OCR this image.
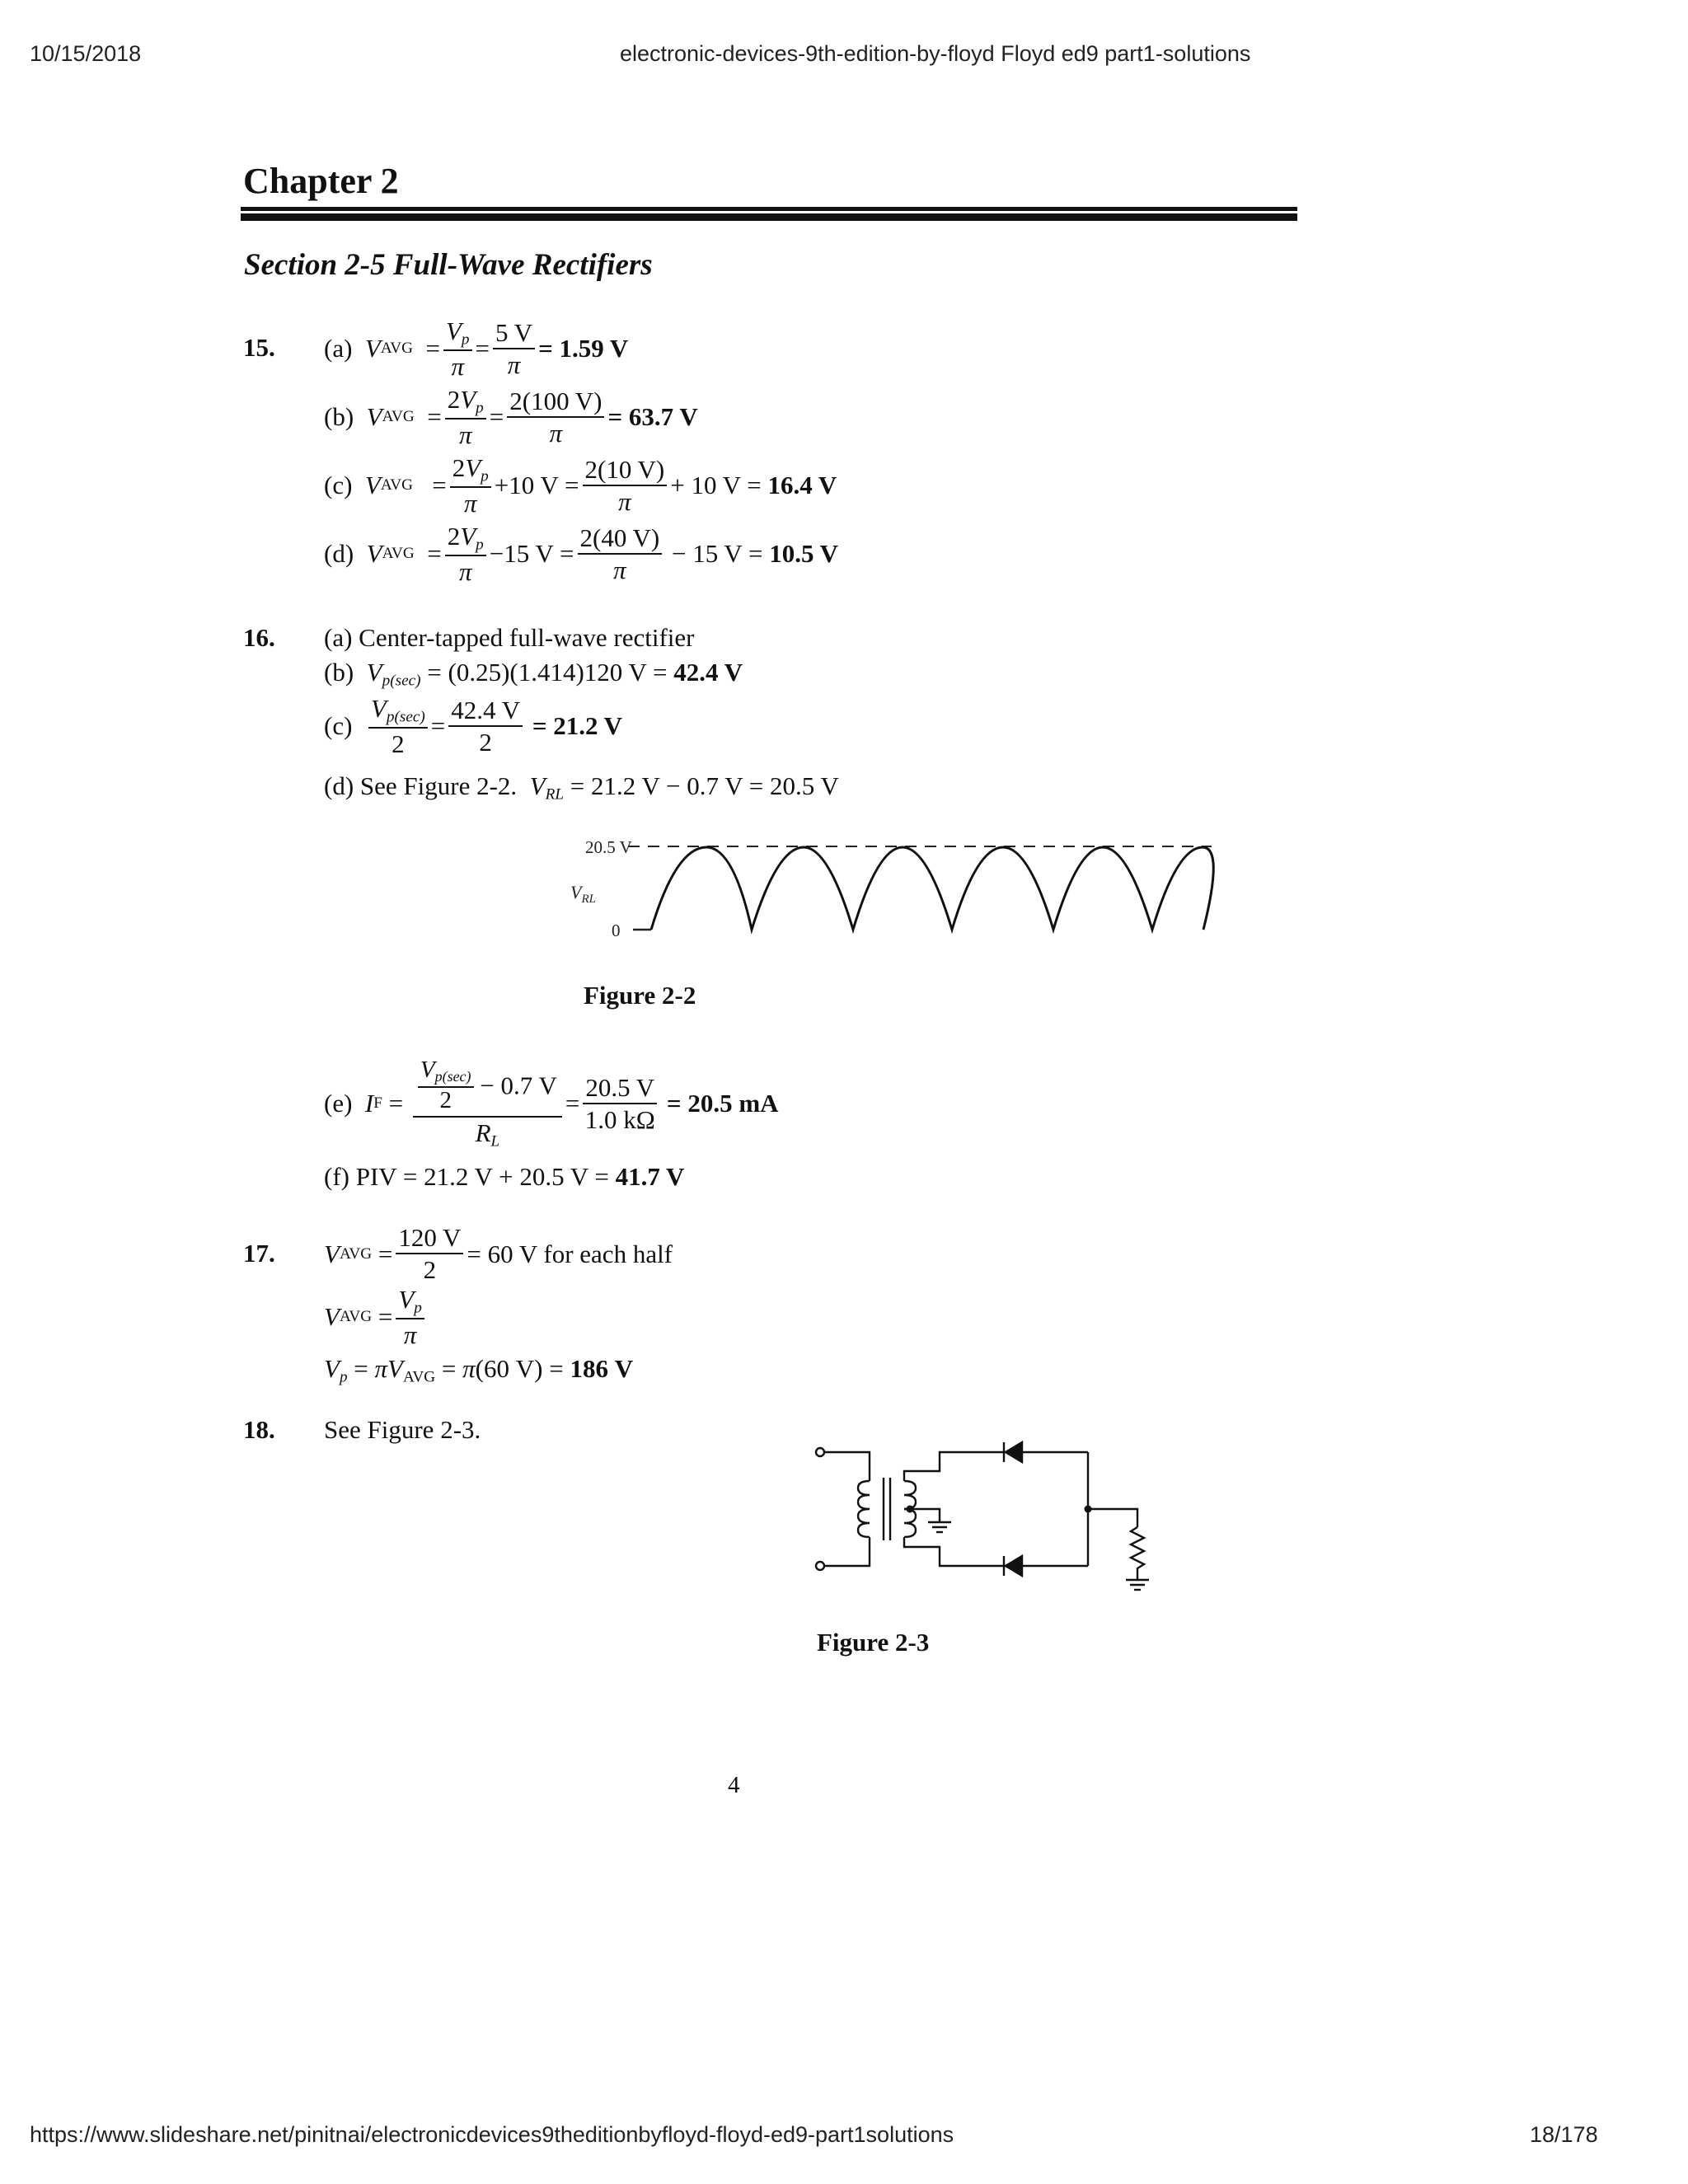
10/15/2018	electronic-devices-9th-edition-by-floyd Floyd ed9 part1-solutions
Chapter 2
Section 2-5 Full-Wave Rectifiers
15. (a)
V AVG = $\frac{Vp}{\pi} = \frac{5 V}{\pi} = 1.59$ V
(b)
V AVG = $\frac{2Vp}{\pi} = \frac{2(100 V)}{\pi} = 63.7$ V
(c)
V AVG = $\frac{2Vp}{\pi} +10$ $V = \frac{2(10 V)}{\pi} + 10$ V = 16.4 V
(d)
V AVG = $\frac{2Vp}{\pi} -15$ $V = \frac{2(40 V)}{\pi} - 15$ V = 10.5 V
16. (a) Center-tapped full-wave rectifier
(b) Vp(sec) = (0.25)(1.414)120 V = 42.4 V
(c)
$\frac{Vp(\sec)}{2} = \frac{42.4 V}{2}$
= 21.2 V
(d) See Figure 2-2. VRL = 21.2 V − 0.7 V = 20.5 V
20.5 V
$V_{RL}$
0
Figure 2-2
(e)
I $F = \frac{\frac{Vp(\sec)}{2} - 0.7 V}{RL} = \frac{20.5 V}{1.0 k\Omega}$
= 20.5 mA
(f) PIV = 21.2 V + 20.5 V = 41.7 V
17. V AVG = $\frac{120 V}{2} = 60$ V for each half
V AVG = $\frac{Vp}{\pi}$
$Vp = \pi V_{AVG} = \pi(60$ V) = 186 V
18. See Figure 2-3.
Figure 2-3
4
https://www.slideshare.net/pinitnai/electronicdevices9theditionbyfloyd-floyd-ed9-part1solutions	18/178
